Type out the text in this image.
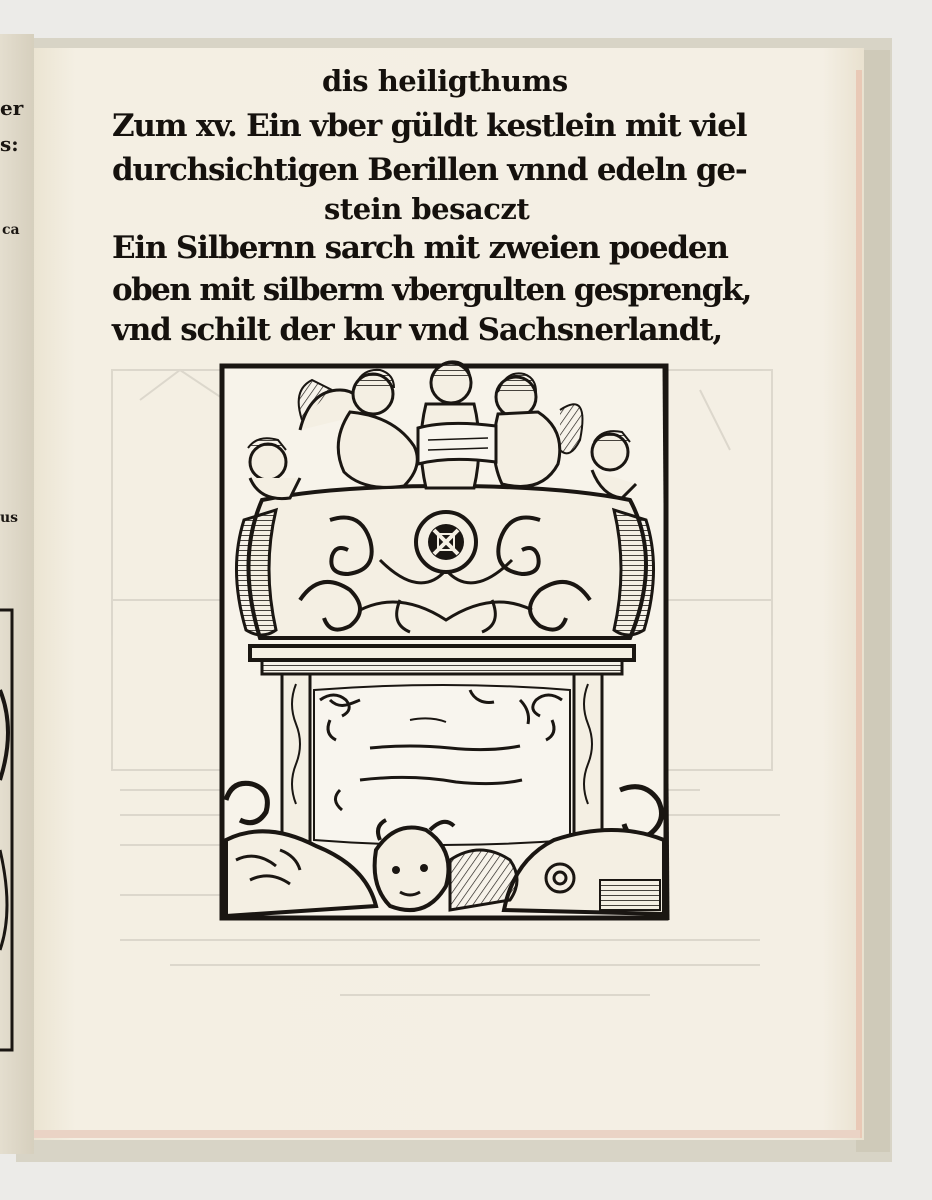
er
s:
ca
us
dis heiligthums
Zum xv. Ein vber güldt kestlein mit viel
durchsichtigen Berillen vnnd edeln ge-
stein besaczt
Ein Silbernn sarch mit zweien poeden
oben mit silberm vbergulten gesprengk,
vnd schilt der kur vnd Sachsnerlandt,
